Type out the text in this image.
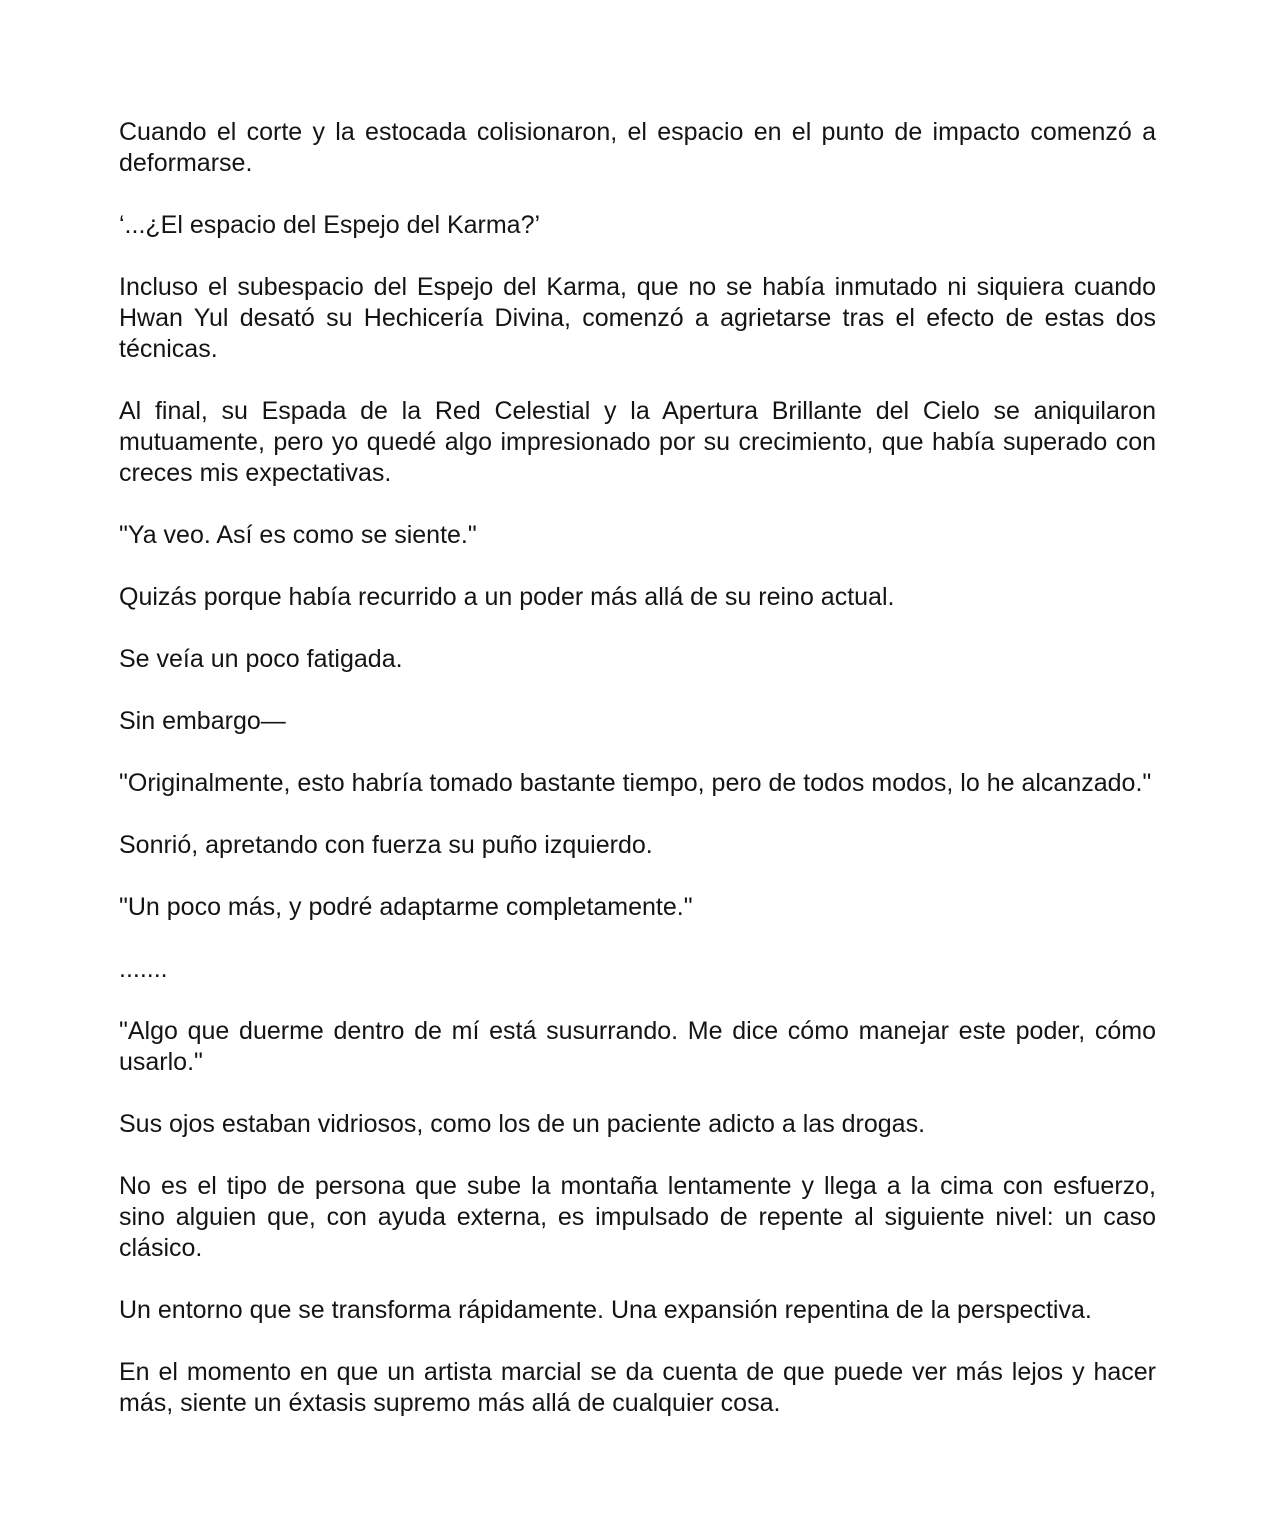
Cuando el corte y la estocada colisionaron, el espacio en el punto de impacto comenzó a deformarse.

‘...¿El espacio del Espejo del Karma?’

Incluso el subespacio del Espejo del Karma, que no se había inmutado ni siquiera cuando Hwan Yul desató su Hechicería Divina, comenzó a agrietarse tras el efecto de estas dos técnicas.

Al final, su Espada de la Red Celestial y la Apertura Brillante del Cielo se aniquilaron mutuamente, pero yo quedé algo impresionado por su crecimiento, que había superado con creces mis expectativas.

"Ya veo. Así es como se siente."

Quizás porque había recurrido a un poder más allá de su reino actual.

Se veía un poco fatigada.

Sin embargo—

"Originalmente, esto habría tomado bastante tiempo, pero de todos modos, lo he alcanzado."

Sonrió, apretando con fuerza su puño izquierdo.

"Un poco más, y podré adaptarme completamente."

.......

"Algo que duerme dentro de mí está susurrando. Me dice cómo manejar este poder, cómo usarlo."

Sus ojos estaban vidriosos, como los de un paciente adicto a las drogas.

No es el tipo de persona que sube la montaña lentamente y llega a la cima con esfuerzo, sino alguien que, con ayuda externa, es impulsado de repente al siguiente nivel: un caso clásico.

Un entorno que se transforma rápidamente. Una expansión repentina de la perspectiva.

En el momento en que un artista marcial se da cuenta de que puede ver más lejos y hacer más, siente un éxtasis supremo más allá de cualquier cosa.
